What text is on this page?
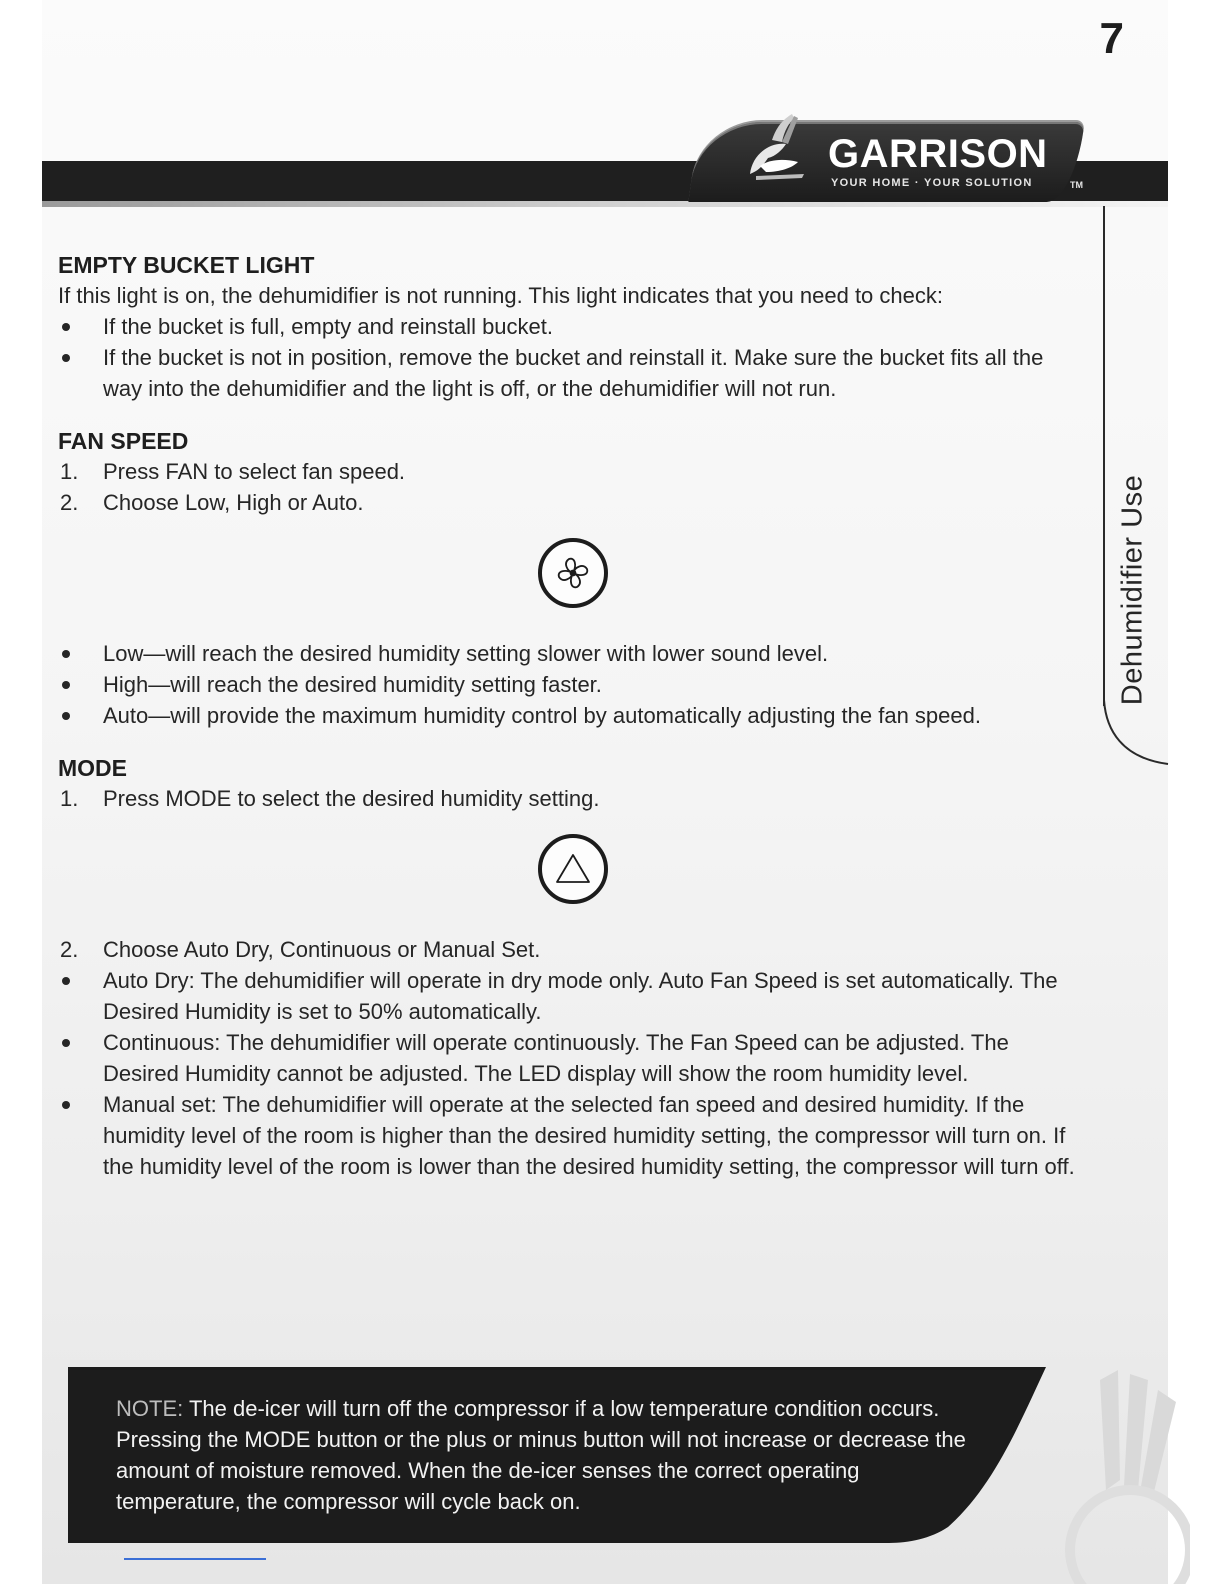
7
GARRISON
YOUR HOME · YOUR SOLUTION	TM
Dehumidifier Use
EMPTY BUCKET LIGHT

If this light is on, the dehumidifier is not running. This light indicates that you need to check:

If the bucket is full, empty and reinstall bucket.
If the bucket is not in position, remove the bucket and reinstall it. Make sure the bucket fits all the way into the dehumidifier and the light is off, or the dehumidifier will not run.
FAN SPEED
1.	Press FAN to select fan speed.
2.	Choose Low, High or Auto.
Low—will reach the desired humidity setting slower with lower sound level.
High—will reach the desired humidity setting faster.
Auto—will provide the maximum humidity control by automatically adjusting the fan speed.
MODE
1.	Press MODE to select the desired humidity setting.
2.	Choose Auto Dry, Continuous or Manual Set.
Auto Dry: The dehumidifier will operate in dry mode only. Auto Fan Speed is set automatically. The Desired Humidity is set to 50% automatically.
Continuous: The dehumidifier will operate continuously. The Fan Speed can be adjusted. The Desired Humidity cannot be adjusted. The LED display will show the room humidity level.
Manual set: The dehumidifier will operate at the selected fan speed and desired humidity. If the humidity level of the room is higher than the desired humidity setting, the compressor will turn on. If the humidity level of the room is lower than the desired humidity setting, the compressor will turn off.
NOTE: The de-icer will turn off the compressor if a low temperature condition occurs. Pressing the MODE button or the plus or minus button will not increase or decrease the amount of moisture removed. When the de-icer senses the correct operating temperature, the compressor will cycle back on.
